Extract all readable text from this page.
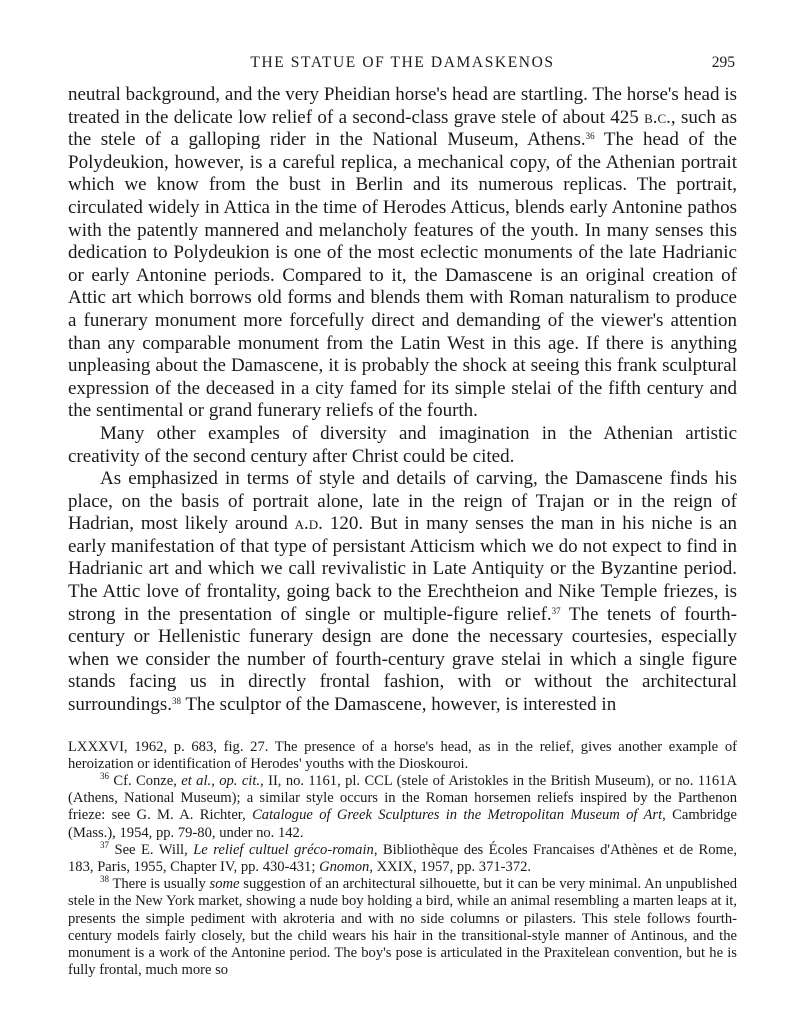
THE STATUE OF THE DAMASKENOS	295

neutral background, and the very Pheidian horse's head are startling. The horse's head is treated in the delicate low relief of a second-class grave stele of about 425 b.c., such as the stele of a galloping rider in the National Museum, Athens.$^{36}$ The head of the Polydeukion, however, is a careful replica, a mechanical copy, of the Athenian portrait which we know from the bust in Berlin and its numerous replicas. The portrait, circulated widely in Attica in the time of Herodes Atticus, blends early Antonine pathos with the patently mannered and melancholy features of the youth. In many senses this dedication to Polydeukion is one of the most eclectic monuments of the late Hadrianic or early Antonine periods. Compared to it, the Damascene is an original creation of Attic art which borrows old forms and blends them with Roman naturalism to produce a funerary monument more forcefully direct and demanding of the viewer's attention than any comparable monument from the Latin West in this age. If there is anything unpleasing about the Damascene, it is probably the shock at seeing this frank sculptural expression of the deceased in a city famed for its simple stelai of the fifth century and the sentimental or grand funerary reliefs of the fourth.

Many other examples of diversity and imagination in the Athenian artistic creativity of the second century after Christ could be cited.

As emphasized in terms of style and details of carving, the Damascene finds his place, on the basis of portrait alone, late in the reign of Trajan or in the reign of Hadrian, most likely around a.d. 120. But in many senses the man in his niche is an early manifestation of that type of persistant Atticism which we do not expect to find in Hadrianic art and which we call revivalistic in Late Antiquity or the Byzantine period. The Attic love of frontality, going back to the Erechtheion and Nike Temple friezes, is strong in the presentation of single or multiple-figure relief.$^{37}$ The tenets of fourth-century or Hellenistic funerary design are done the necessary courtesies, especially when we consider the number of fourth-century grave stelai in which a single figure stands facing us in directly frontal fashion, with or without the architectural surroundings.$^{38}$ The sculptor of the Damascene, however, is interested in

LXXXVI, 1962, p. 683, fig. 27. The presence of a horse's head, as in the relief, gives another example of heroization or identification of Herodes' youths with the Dioskouroi.

$^{36}$ Cf. Conze, et al., op. cit., II, no. 1161, pl. CCL (stele of Aristokles in the British Museum), or no. 1161A (Athens, National Museum); a similar style occurs in the Roman horsemen reliefs inspired by the Parthenon frieze: see G. M. A. Richter, Catalogue of Greek Sculptures in the Metropolitan Museum of Art, Cambridge (Mass.), 1954, pp. 79-80, under no. 142.

$^{37}$ See E. Will, Le relief cultuel gréco-romain, Bibliothèque des Écoles Francaises d'Athènes et de Rome, 183, Paris, 1955, Chapter IV, pp. 430-431; Gnomon, XXIX, 1957, pp. 371-372.

$^{38}$ There is usually some suggestion of an architectural silhouette, but it can be very minimal. An unpublished stele in the New York market, showing a nude boy holding a bird, while an animal resembling a marten leaps at it, presents the simple pediment with akroteria and with no side columns or pilasters. This stele follows fourth-century models fairly closely, but the child wears his hair in the transitional-style manner of Antinous, and the monument is a work of the Antonine period. The boy's pose is articulated in the Praxitelean convention, but he is fully frontal, much more so
